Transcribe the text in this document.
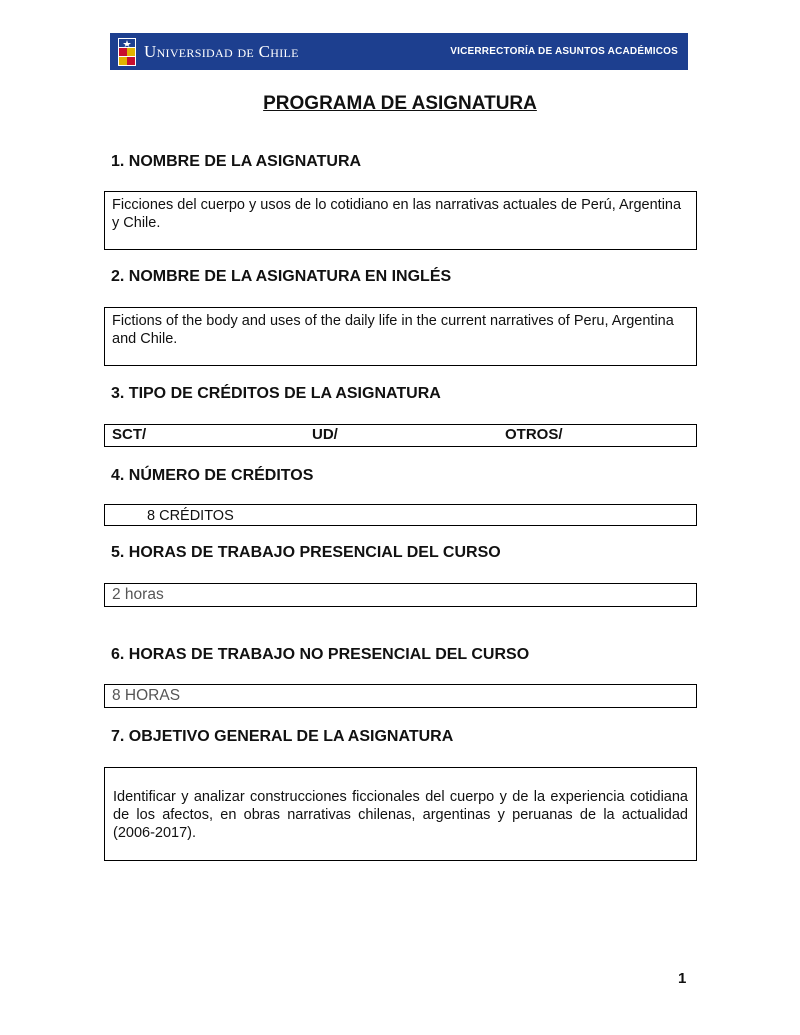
Universidad de Chile	VICERRECTORÍA DE ASUNTOS ACADÉMICOS
PROGRAMA DE ASIGNATURA
1. NOMBRE DE LA ASIGNATURA
Ficciones del cuerpo y usos de lo cotidiano en las narrativas actuales de Perú, Argentina y Chile.
2. NOMBRE DE LA ASIGNATURA EN INGLÉS
Fictions of the body and uses of the daily life in the current narratives of Peru, Argentina and Chile.
3. TIPO DE CRÉDITOS DE LA ASIGNATURA
SCT/	UD/	OTROS/
4. NÚMERO DE CRÉDITOS
8 CRÉDITOS
5. HORAS DE TRABAJO PRESENCIAL DEL CURSO
2 horas
6. HORAS DE TRABAJO NO PRESENCIAL DEL CURSO
8 HORAS
7. OBJETIVO GENERAL DE LA ASIGNATURA
Identificar y analizar construcciones ficcionales del cuerpo y de la experiencia cotidiana de los afectos, en obras narrativas chilenas, argentinas y peruanas de la actualidad (2006-2017).
1
